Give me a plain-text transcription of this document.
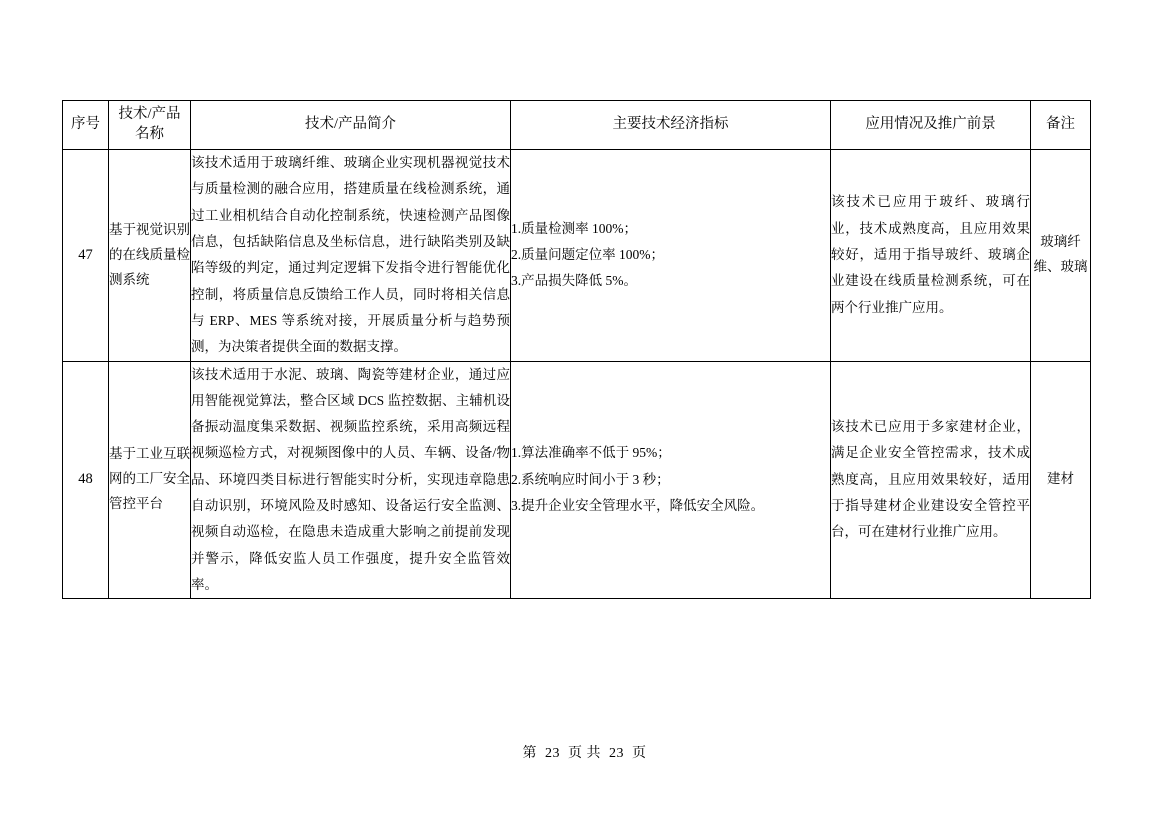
序号	技术/产品
名称	技术/产品简介	主要技术经济指标	应用情况及推广前景	备注
47	基于视觉识别的在线质量检测系统	该技术适用于玻璃纤维、玻璃企业实现机器视觉技术与质量检测的融合应用，搭建质量在线检测系统，通过工业相机结合自动化控制系统，快速检测产品图像信息，包括缺陷信息及坐标信息，进行缺陷类别及缺陷等级的判定，通过判定逻辑下发指令进行智能优化控制，将质量信息反馈给工作人员，同时将相关信息与 ERP、MES 等系统对接，开展质量分析与趋势预测，为决策者提供全面的数据支撑。	1.质量检测率 100%；
2.质量问题定位率 100%；
3.产品损失降低 5%。	该技术已应用于玻纤、玻璃行业，技术成熟度高，且应用效果较好，适用于指导玻纤、玻璃企业建设在线质量检测系统，可在两个行业推广应用。	玻璃纤维、玻璃
48	基于工业互联网的工厂安全管控平台	该技术适用于水泥、玻璃、陶瓷等建材企业，通过应用智能视觉算法，整合区域 DCS 监控数据、主辅机设备振动温度集采数据、视频监控系统，采用高频远程视频巡检方式，对视频图像中的人员、车辆、设备/物品、环境四类目标进行智能实时分析，实现违章隐患自动识别，环境风险及时感知、设备运行安全监测、视频自动巡检，在隐患未造成重大影响之前提前发现并警示，降低安监人员工作强度，提升安全监管效率。	1.算法准确率不低于 95%；
2.系统响应时间小于 3 秒；
3.提升企业安全管理水平，降低安全风险。	该技术已应用于多家建材企业，满足企业安全管控需求，技术成熟度高，且应用效果较好，适用于指导建材企业建设安全管控平台，可在建材行业推广应用。	建材
第 23 页 共 23 页
